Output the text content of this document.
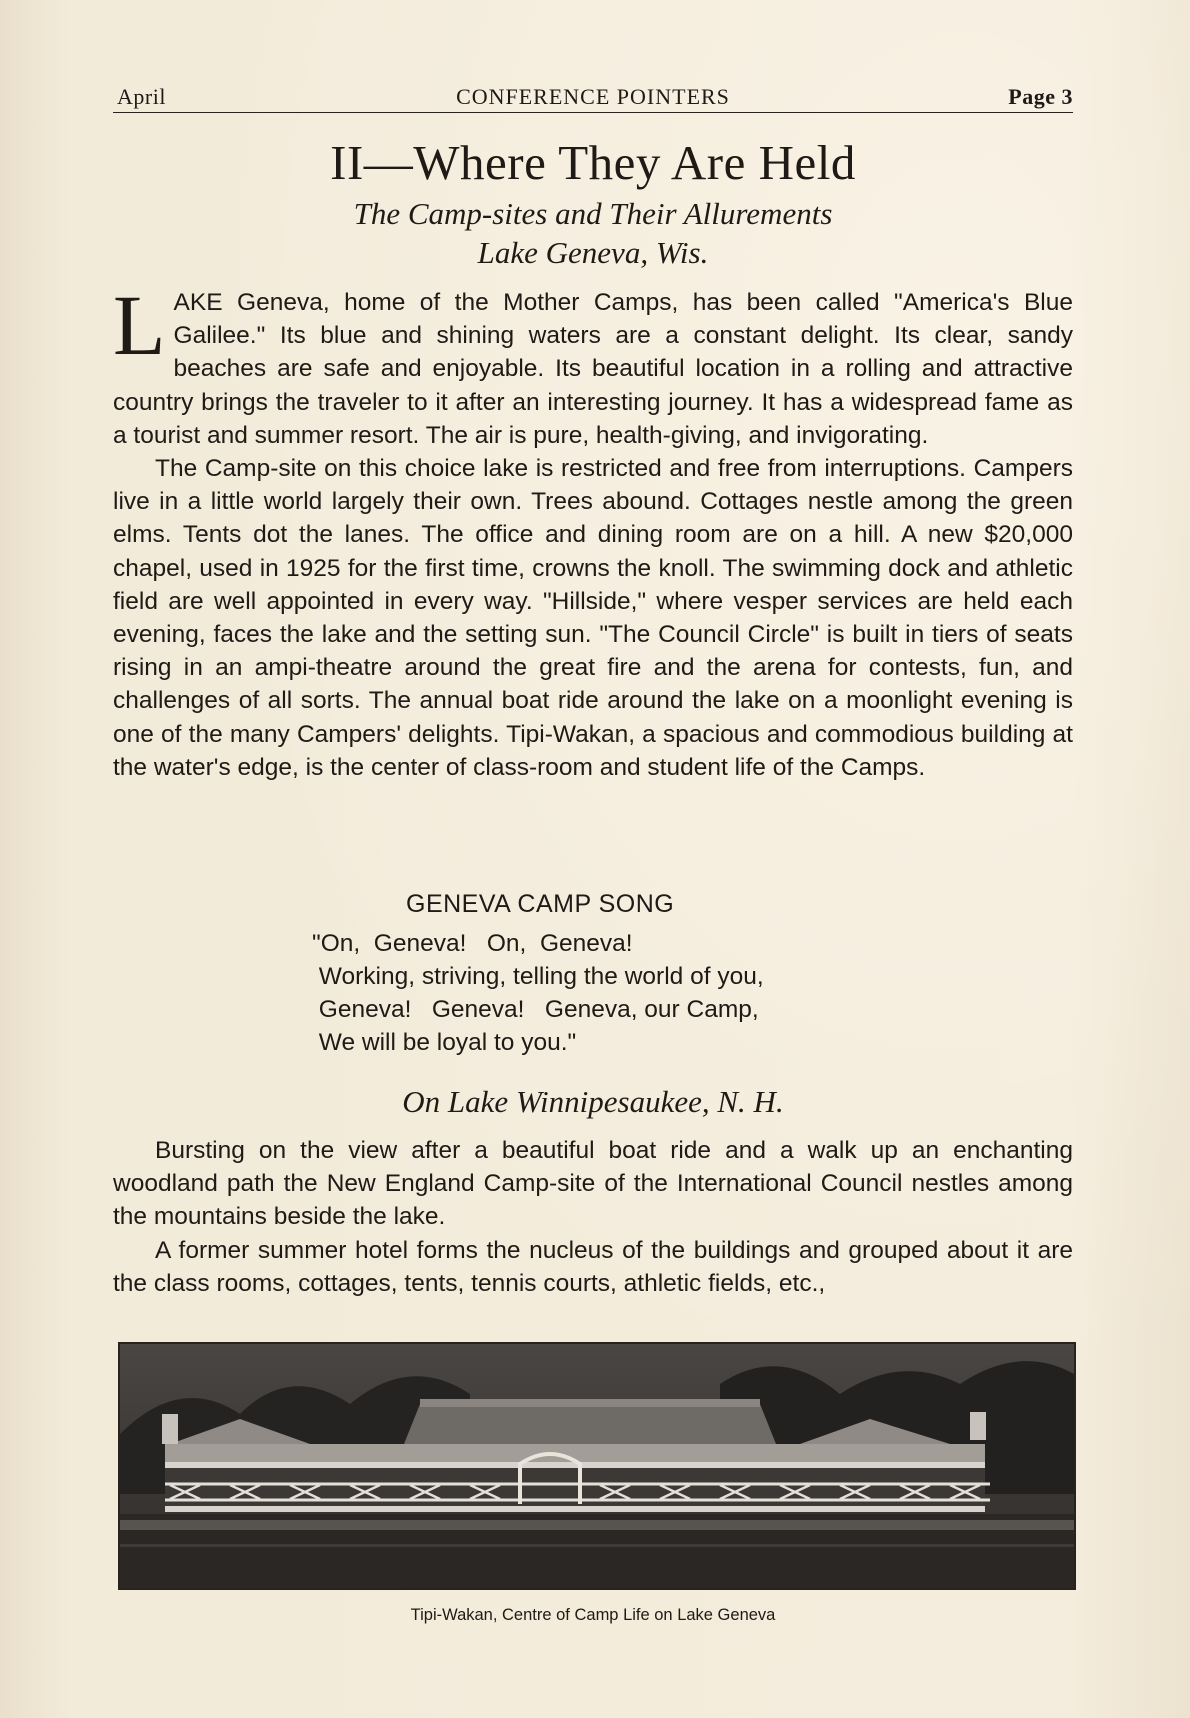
April	CONFERENCE POINTERS	Page 3
II—Where They Are Held
The Camp-sites and Their Allurements
Lake Geneva, Wis.

LAKE Geneva, home of the Mother Camps, has been called "America's Blue Galilee." Its blue and shining waters are a constant delight. Its clear, sandy beaches are safe and enjoyable. Its beautiful location in a rolling and attractive country brings the traveler to it after an interesting journey. It has a widespread fame as a tourist and summer resort. The air is pure, health-giving, and invigorating.

The Camp-site on this choice lake is restricted and free from interruptions. Campers live in a little world largely their own. Trees abound. Cottages nestle among the green elms. Tents dot the lanes. The office and dining room are on a hill. A new $20,000 chapel, used in 1925 for the first time, crowns the knoll. The swimming dock and athletic field are well appointed in every way. "Hillside," where vesper services are held each evening, faces the lake and the setting sun. "The Council Circle" is built in tiers of seats rising in an ampi-theatre around the great fire and the arena for contests, fun, and challenges of all sorts. The annual boat ride around the lake on a moonlight evening is one of the many Campers' delights. Tipi-Wakan, a spacious and commodious building at the water's edge, is the center of class-room and student life of the Camps.

GENEVA CAMP SONG
"On,  Geneva!   On,  Geneva!
Working, striving, telling the world of you,
Geneva!   Geneva!   Geneva, our Camp,
We will be loyal to you."
On Lake Winnipesaukee, N. H.

Bursting on the view after a beautiful boat ride and a walk up an enchanting woodland path the New England Camp-site of the International Council nestles among the mountains beside the lake.

A former summer hotel forms the nucleus of the buildings and grouped about it are the class rooms, cottages, tents, tennis courts, athletic fields, etc.,

Tipi-Wakan, Centre of Camp Life on Lake Geneva
